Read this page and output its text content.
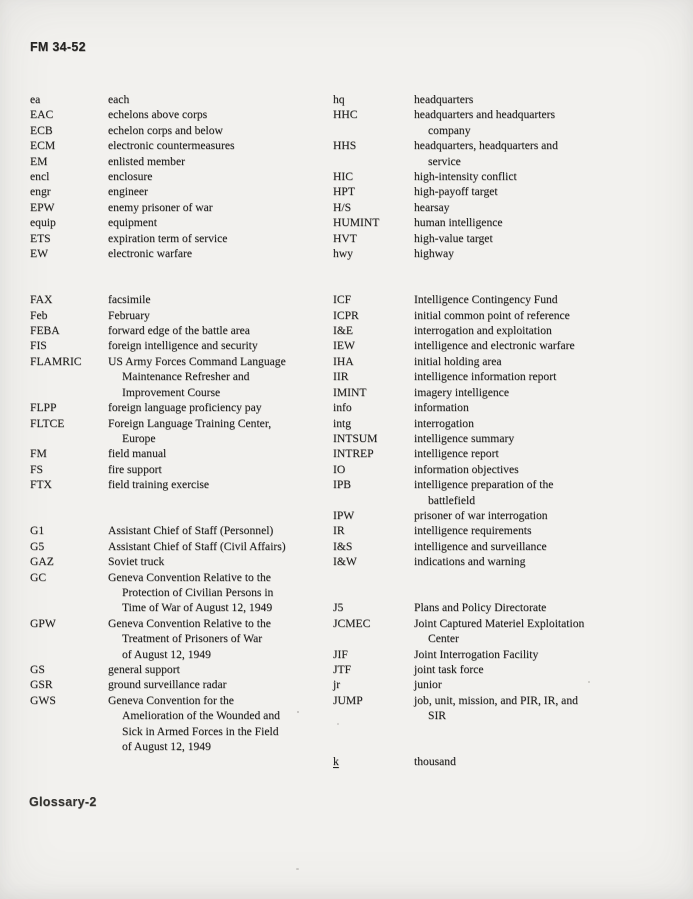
FM 34-52
ea	each
EAC	echelons above corps
ECB	echelon corps and below
ECM	electronic countermeasures
EM	enlisted member
encl	enclosure
engr	engineer
EPW	enemy prisoner of war
equip	equipment
ETS	expiration term of service
EW	electronic warfare
FAX	facsimile
Feb	February
FEBA	forward edge of the battle area
FIS	foreign intelligence and security
FLAMRIC	US Army Forces Command Language
Maintenance Refresher and
Improvement Course
FLPP	foreign language proficiency pay
FLTCE	Foreign Language Training Center,
Europe
FM	field manual
FS	fire support
FTX	field training exercise
G1	Assistant Chief of Staff (Personnel)
G5	Assistant Chief of Staff (Civil Affairs)
GAZ	Soviet truck
GC	Geneva Convention Relative to the
Protection of Civilian Persons in
Time of War of August 12, 1949
GPW	Geneva Convention Relative to the
Treatment of Prisoners of War
of August 12, 1949
GS	general support
GSR	ground surveillance radar
GWS	Geneva Convention for the
Amelioration of the Wounded and
Sick in Armed Forces in the Field
of August 12, 1949
hq	headquarters
HHC	headquarters and headquarters
company
HHS	headquarters, headquarters and
service
HIC	high-intensity conflict
HPT	high-payoff target
H/S	hearsay
HUMINT	human intelligence
HVT	high-value target
hwy	highway
ICF	Intelligence Contingency Fund
ICPR	initial common point of reference
I&E	interrogation and exploitation
IEW	intelligence and electronic warfare
IHA	initial holding area
IIR	intelligence information report
IMINT	imagery intelligence
info	information
intg	interrogation
INTSUM	intelligence summary
INTREP	intelligence report
IO	information objectives
IPB	intelligence preparation of the
battlefield
IPW	prisoner of war interrogation
IR	intelligence requirements
I&S	intelligence and surveillance
I&W	indications and warning
J5	Plans and Policy Directorate
JCMEC	Joint Captured Materiel Exploitation
Center
JIF	Joint Interrogation Facility
JTF	joint task force
jr	junior
JUMP	job, unit, mission, and PIR, IR, and
SIR
k	thousand
Glossary-2
